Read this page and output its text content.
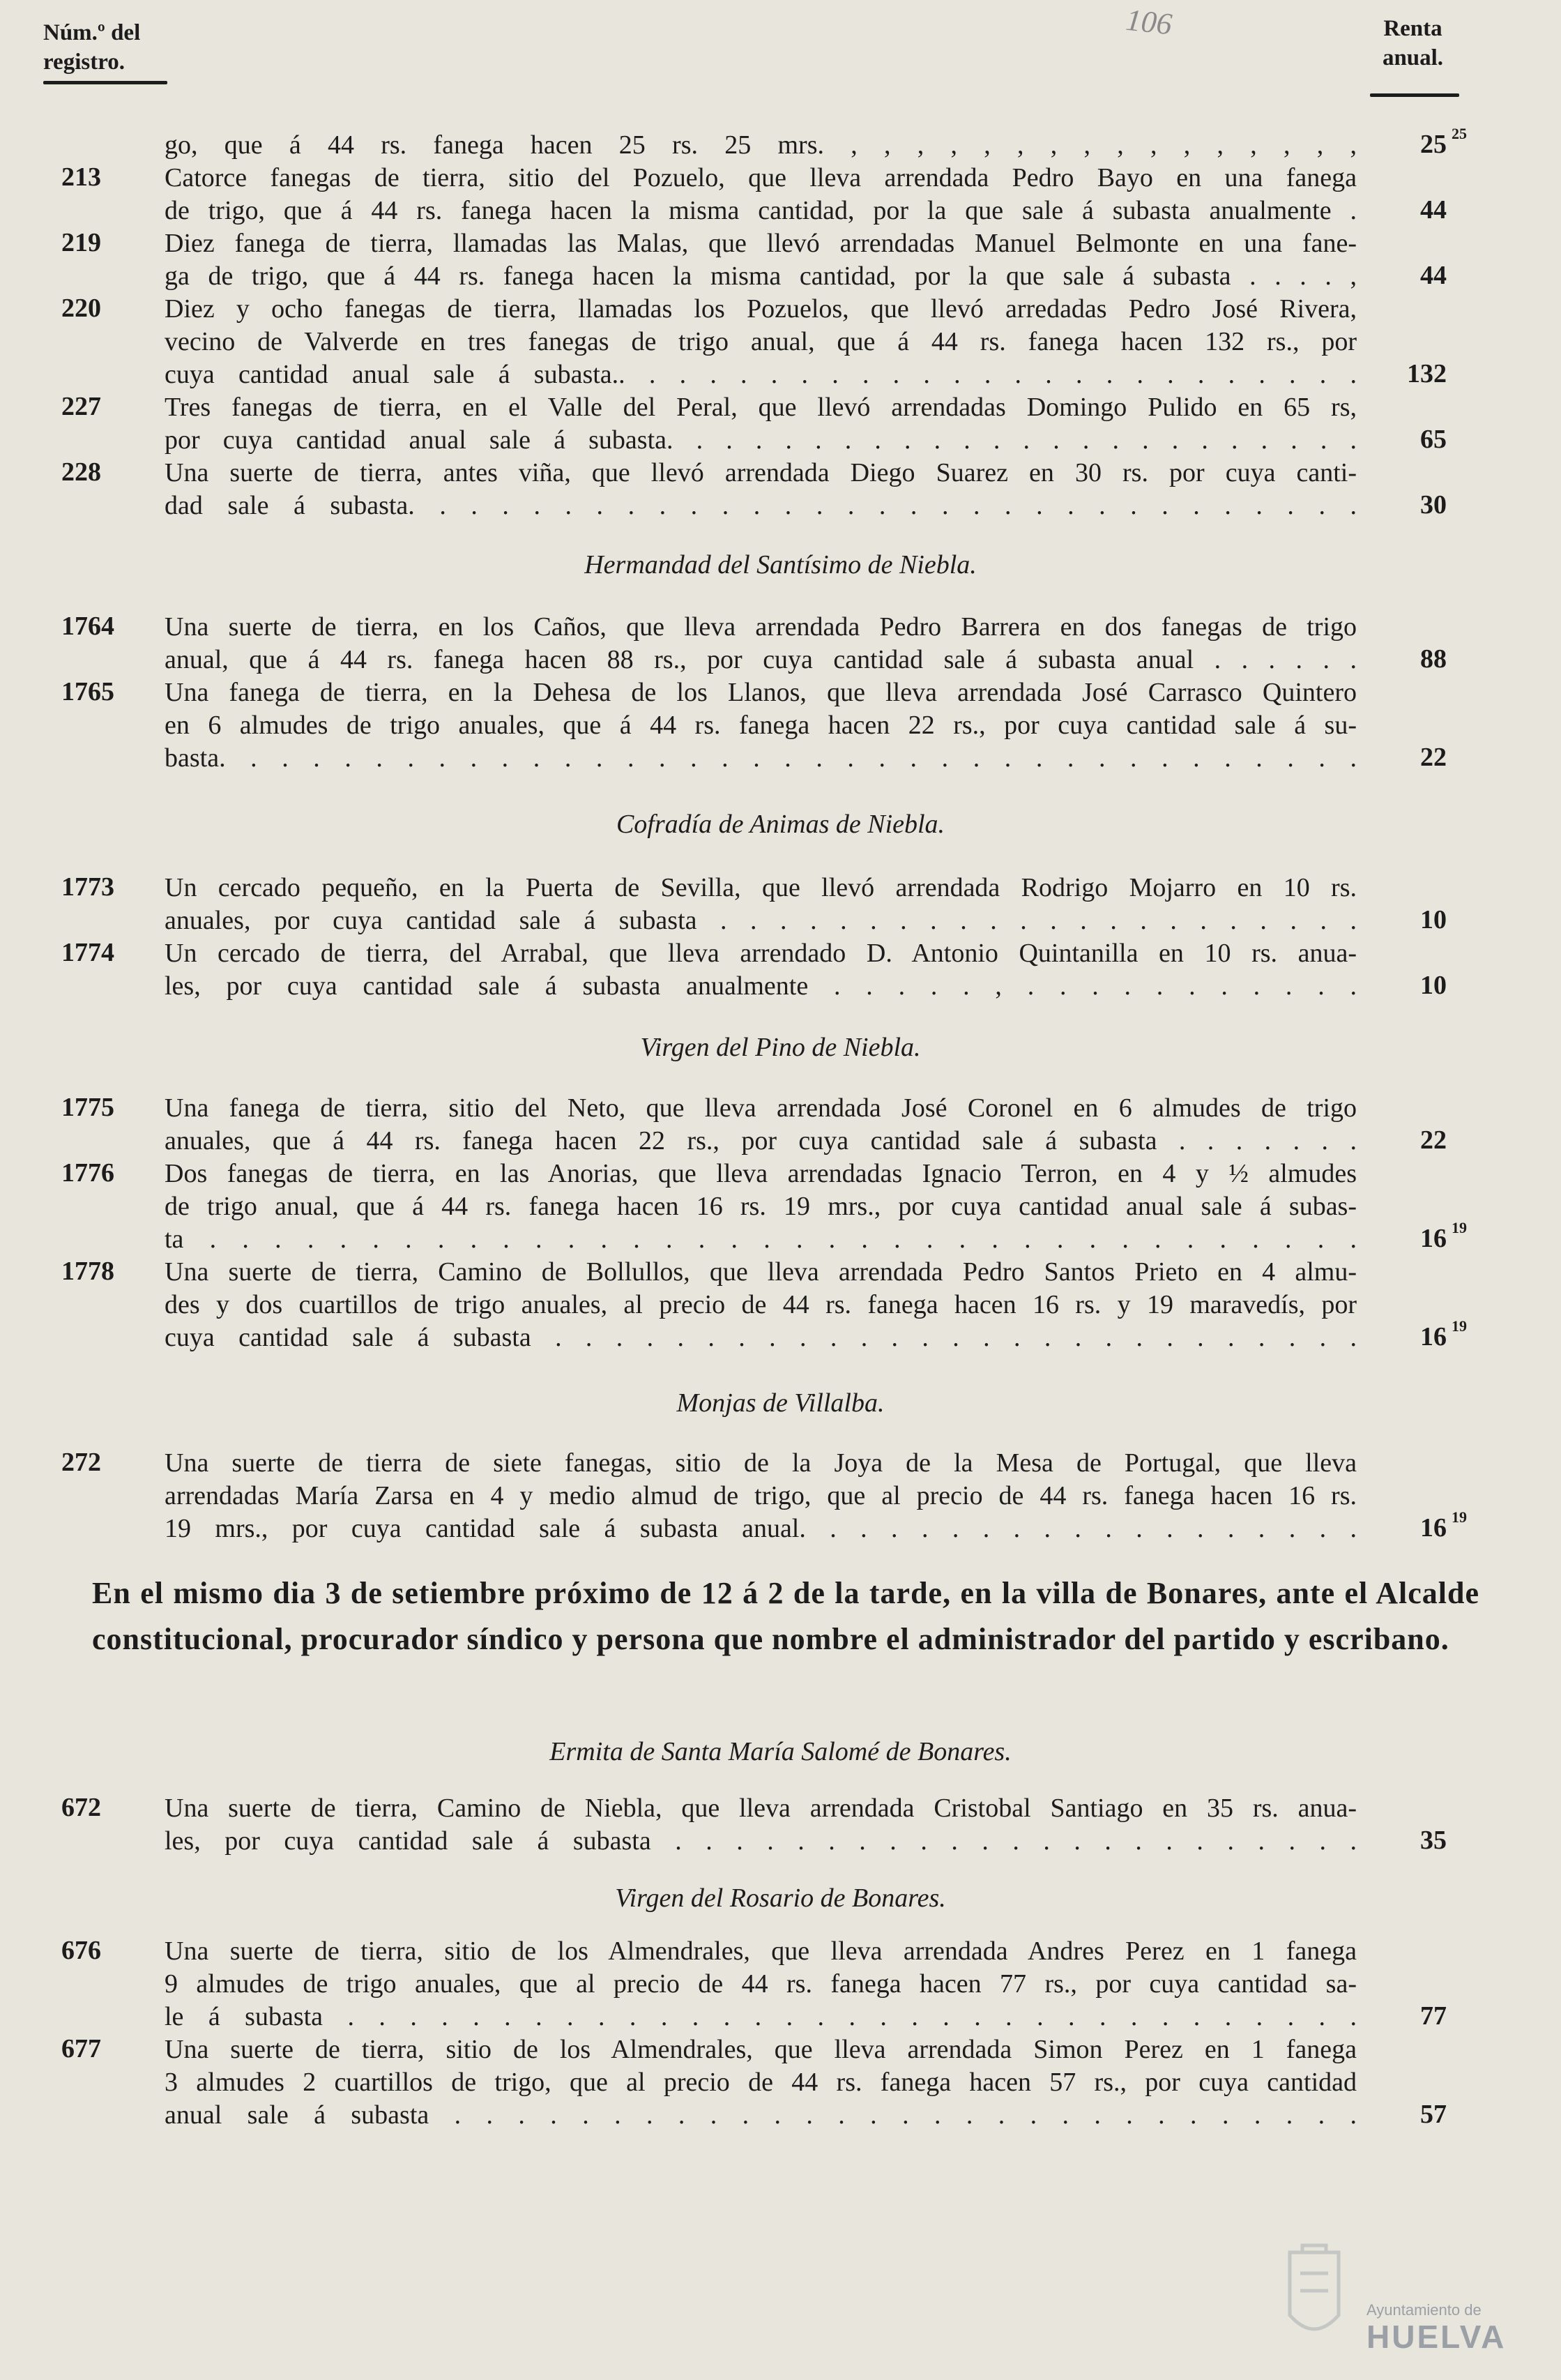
Núm.º del
registro.
106	Renta
anual.
go, que á 44 rs. fanega hacen 25 rs. 25 mrs. , , , , , , , , , , , , , , , ,	25 25
213	Catorce fanegas de tierra, sitio del Pozuelo, que lleva arrendada Pedro Bayo en una fanega
de trigo, que á 44 rs. fanega hacen la misma cantidad, por la que sale á subasta anualmente .	44
219	Diez fanega de tierra, llamadas las Malas, que llevó arrendadas Manuel Belmonte en una fane-
ga de trigo, que á 44 rs. fanega hacen la misma cantidad, por la que sale á subasta . . . . ,	44
220	Diez y ocho fanegas de tierra, llamadas los Pozuelos, que llevó arredadas Pedro José Rivera,
vecino de Valverde en tres fanegas de trigo anual, que á 44 rs. fanega hacen 132 rs., por
cuya cantidad anual sale á subasta.. . . . . . . . . . . . . . . . . . . . . . . . .	132
227	Tres fanegas de tierra, en el Valle del Peral, que llevó arrendadas Domingo Pulido en 65 rs,
por cuya cantidad anual sale á subasta. . . . . . . . . . . . . . . . . . . . . . . .	65
228	Una suerte de tierra, antes viña, que llevó arrendada Diego Suarez en 30 rs. por cuya canti-
dad sale á subasta. . . . . . . . . . . . . . . . . . . . . . . . . . . . . . .	30
Hermandad del Santísimo de Niebla.
1764	Una suerte de tierra, en los Caños, que lleva arrendada Pedro Barrera en dos fanegas de trigo
anual, que á 44 rs. fanega hacen 88 rs., por cuya cantidad sale á subasta anual . . . . . .	88
1765	Una fanega de tierra, en la Dehesa de los Llanos, que lleva arrendada José Carrasco Quintero
en 6 almudes de trigo anuales, que á 44 rs. fanega hacen 22 rs., por cuya cantidad sale á su-
basta. . . . . . . . . . . . . . . . . . . . . . . . . . . . . . . . . . . . .	22
Cofradía de Animas de Niebla.
1773	Un cercado pequeño, en la Puerta de Sevilla, que llevó arrendada Rodrigo Mojarro en 10 rs.
anuales, por cuya cantidad sale á subasta . . . . . . . . . . . . . . . . . . . . . .	10
1774	Un cercado de tierra, del Arrabal, que lleva arrendado D. Antonio Quintanilla en 10 rs. anua-
les, por cuya cantidad sale á subasta anualmente . . . . . , . . . . . . . . . . .	10
Virgen del Pino de Niebla.
1775	Una fanega de tierra, sitio del Neto, que lleva arrendada José Coronel en 6 almudes de trigo
anuales, que á 44 rs. fanega hacen 22 rs., por cuya cantidad sale á subasta . . . . . . .	22
1776	Dos fanegas de tierra, en las Anorias, que lleva arrendadas Ignacio Terron, en 4 y ½ almudes
de trigo anual, que á 44 rs. fanega hacen 16 rs. 19 mrs., por cuya cantidad anual sale á subas-
ta . . . . . . . . . . . . . . . . . . . . . . . . . . . . . . . . . . . .	16 19
1778	Una suerte de tierra, Camino de Bollullos, que lleva arrendada Pedro Santos Prieto en 4 almu-
des y dos cuartillos de trigo anuales, al precio de 44 rs. fanega hacen 16 rs. y 19 maravedís, por
cuya cantidad sale á subasta . . . . . . . . . . . . . . . . . . . . . . . . . . .	16 19
Monjas de Villalba.
272	Una suerte de tierra de siete fanegas, sitio de la Joya de la Mesa de Portugal, que lleva
arrendadas María Zarsa en 4 y medio almud de trigo, que al precio de 44 rs. fanega hacen 16 rs.
19 mrs., por cuya cantidad sale á subasta anual. . . . . . . . . . . . . . . . . . .	16 19
En el mismo dia 3 de setiembre próximo de 12 á 2 de la tarde, en la villa de Bonares, ante el Alcalde constitucional, procurador síndico y persona que nombre el administrador del partido y escribano.
Ermita de Santa María Salomé de Bonares.
672	Una suerte de tierra, Camino de Niebla, que lleva arrendada Cristobal Santiago en 35 rs. anua-
les, por cuya cantidad sale á subasta . . . . . . . . . . . . . . . . . . . . . . .	35
Virgen del Rosario de Bonares.
676	Una suerte de tierra, sitio de los Almendrales, que lleva arrendada Andres Perez en 1 fanega
9 almudes de trigo anuales, que al precio de 44 rs. fanega hacen 77 rs., por cuya cantidad sa-
le á subasta . . . . . . . . . . . . . . . . . . . . . . . . . . . . . . . . .	77
677	Una suerte de tierra, sitio de los Almendrales, que lleva arrendada Simon Perez en 1 fanega
3 almudes 2 cuartillos de trigo, que al precio de 44 rs. fanega hacen 57 rs., por cuya cantidad
anual sale á subasta . . . . . . . . . . . . . . . . . . . . . . . . . . . . .	57
Ayuntamiento de
HUELVA
